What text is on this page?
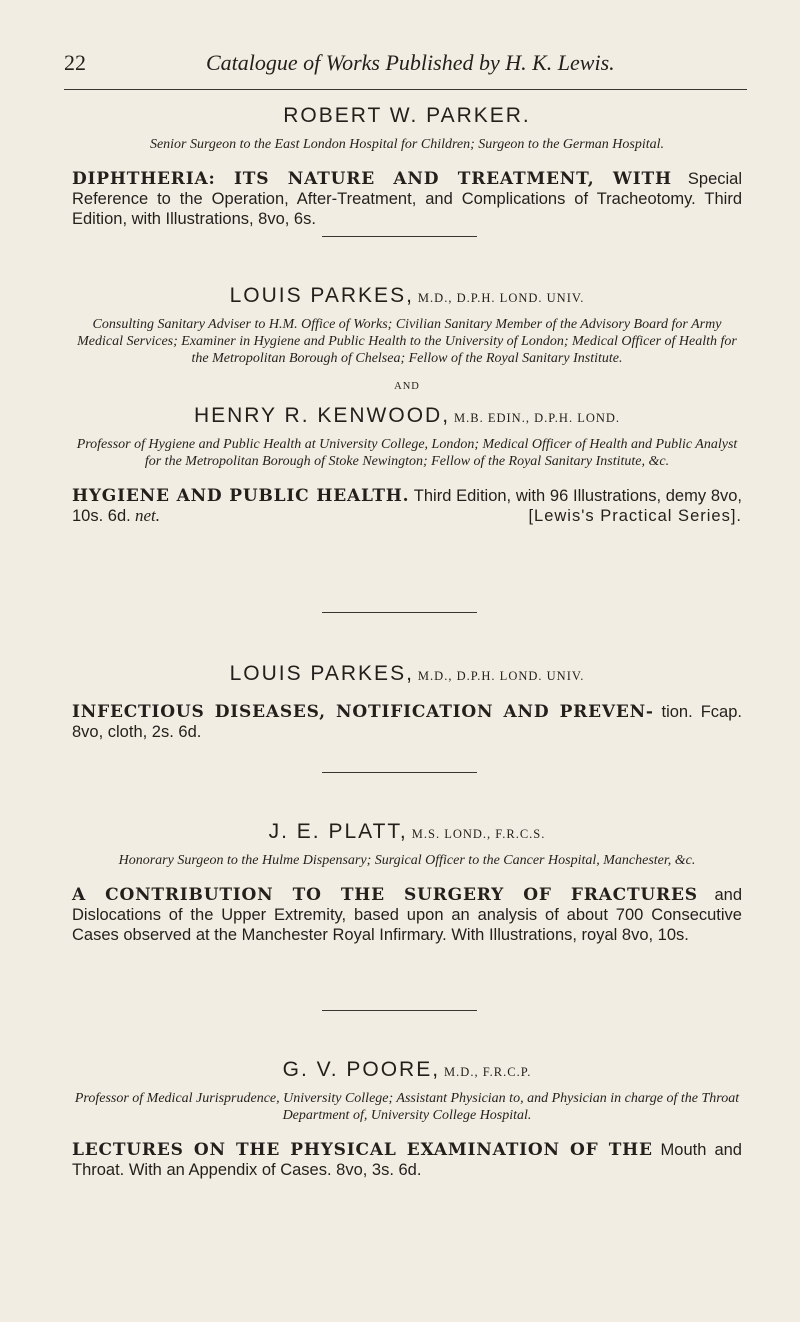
22	Catalogue of Works Published by H. K. Lewis.
ROBERT W. PARKER.
Senior Surgeon to the East London Hospital for Children; Surgeon to the German Hospital.
DIPHTHERIA: ITS NATURE AND TREATMENT, WITH Special Reference to the Operation, After-Treatment, and Complications of Tracheotomy. Third Edition, with Illustrations, 8vo, 6s.
LOUIS PARKES, M.D., D.P.H. LOND. UNIV.
Consulting Sanitary Adviser to H.M. Office of Works; Civilian Sanitary Member of the Advisory Board for Army Medical Services; Examiner in Hygiene and Public Health to the University of London; Medical Officer of Health for the Metropolitan Borough of Chelsea; Fellow of the Royal Sanitary Institute.
AND
HENRY R. KENWOOD, M.B. EDIN., D.P.H. LOND.
Professor of Hygiene and Public Health at University College, London; Medical Officer of Health and Public Analyst for the Metropolitan Borough of Stoke Newington; Fellow of the Royal Sanitary Institute, &c.
HYGIENE AND PUBLIC HEALTH. Third Edition, with 96 Illustrations, demy 8vo, 10s. 6d. net.	[Lewis's Practical Series].
LOUIS PARKES, M.D., D.P.H. LOND. UNIV.
INFECTIOUS DISEASES, NOTIFICATION AND PREVEN- tion. Fcap. 8vo, cloth, 2s. 6d.
J. E. PLATT, M.S. LOND., F.R.C.S.
Honorary Surgeon to the Hulme Dispensary; Surgical Officer to the Cancer Hospital, Manchester, &c.
A CONTRIBUTION TO THE SURGERY OF FRACTURES and Dislocations of the Upper Extremity, based upon an analysis of about 700 Consecutive Cases observed at the Manchester Royal Infirmary. With Illustrations, royal 8vo, 10s.
G. V. POORE, M.D., F.R.C.P.
Professor of Medical Jurisprudence, University College; Assistant Physician to, and Physician in charge of the Throat Department of, University College Hospital.
LECTURES ON THE PHYSICAL EXAMINATION OF THE Mouth and Throat. With an Appendix of Cases. 8vo, 3s. 6d.
